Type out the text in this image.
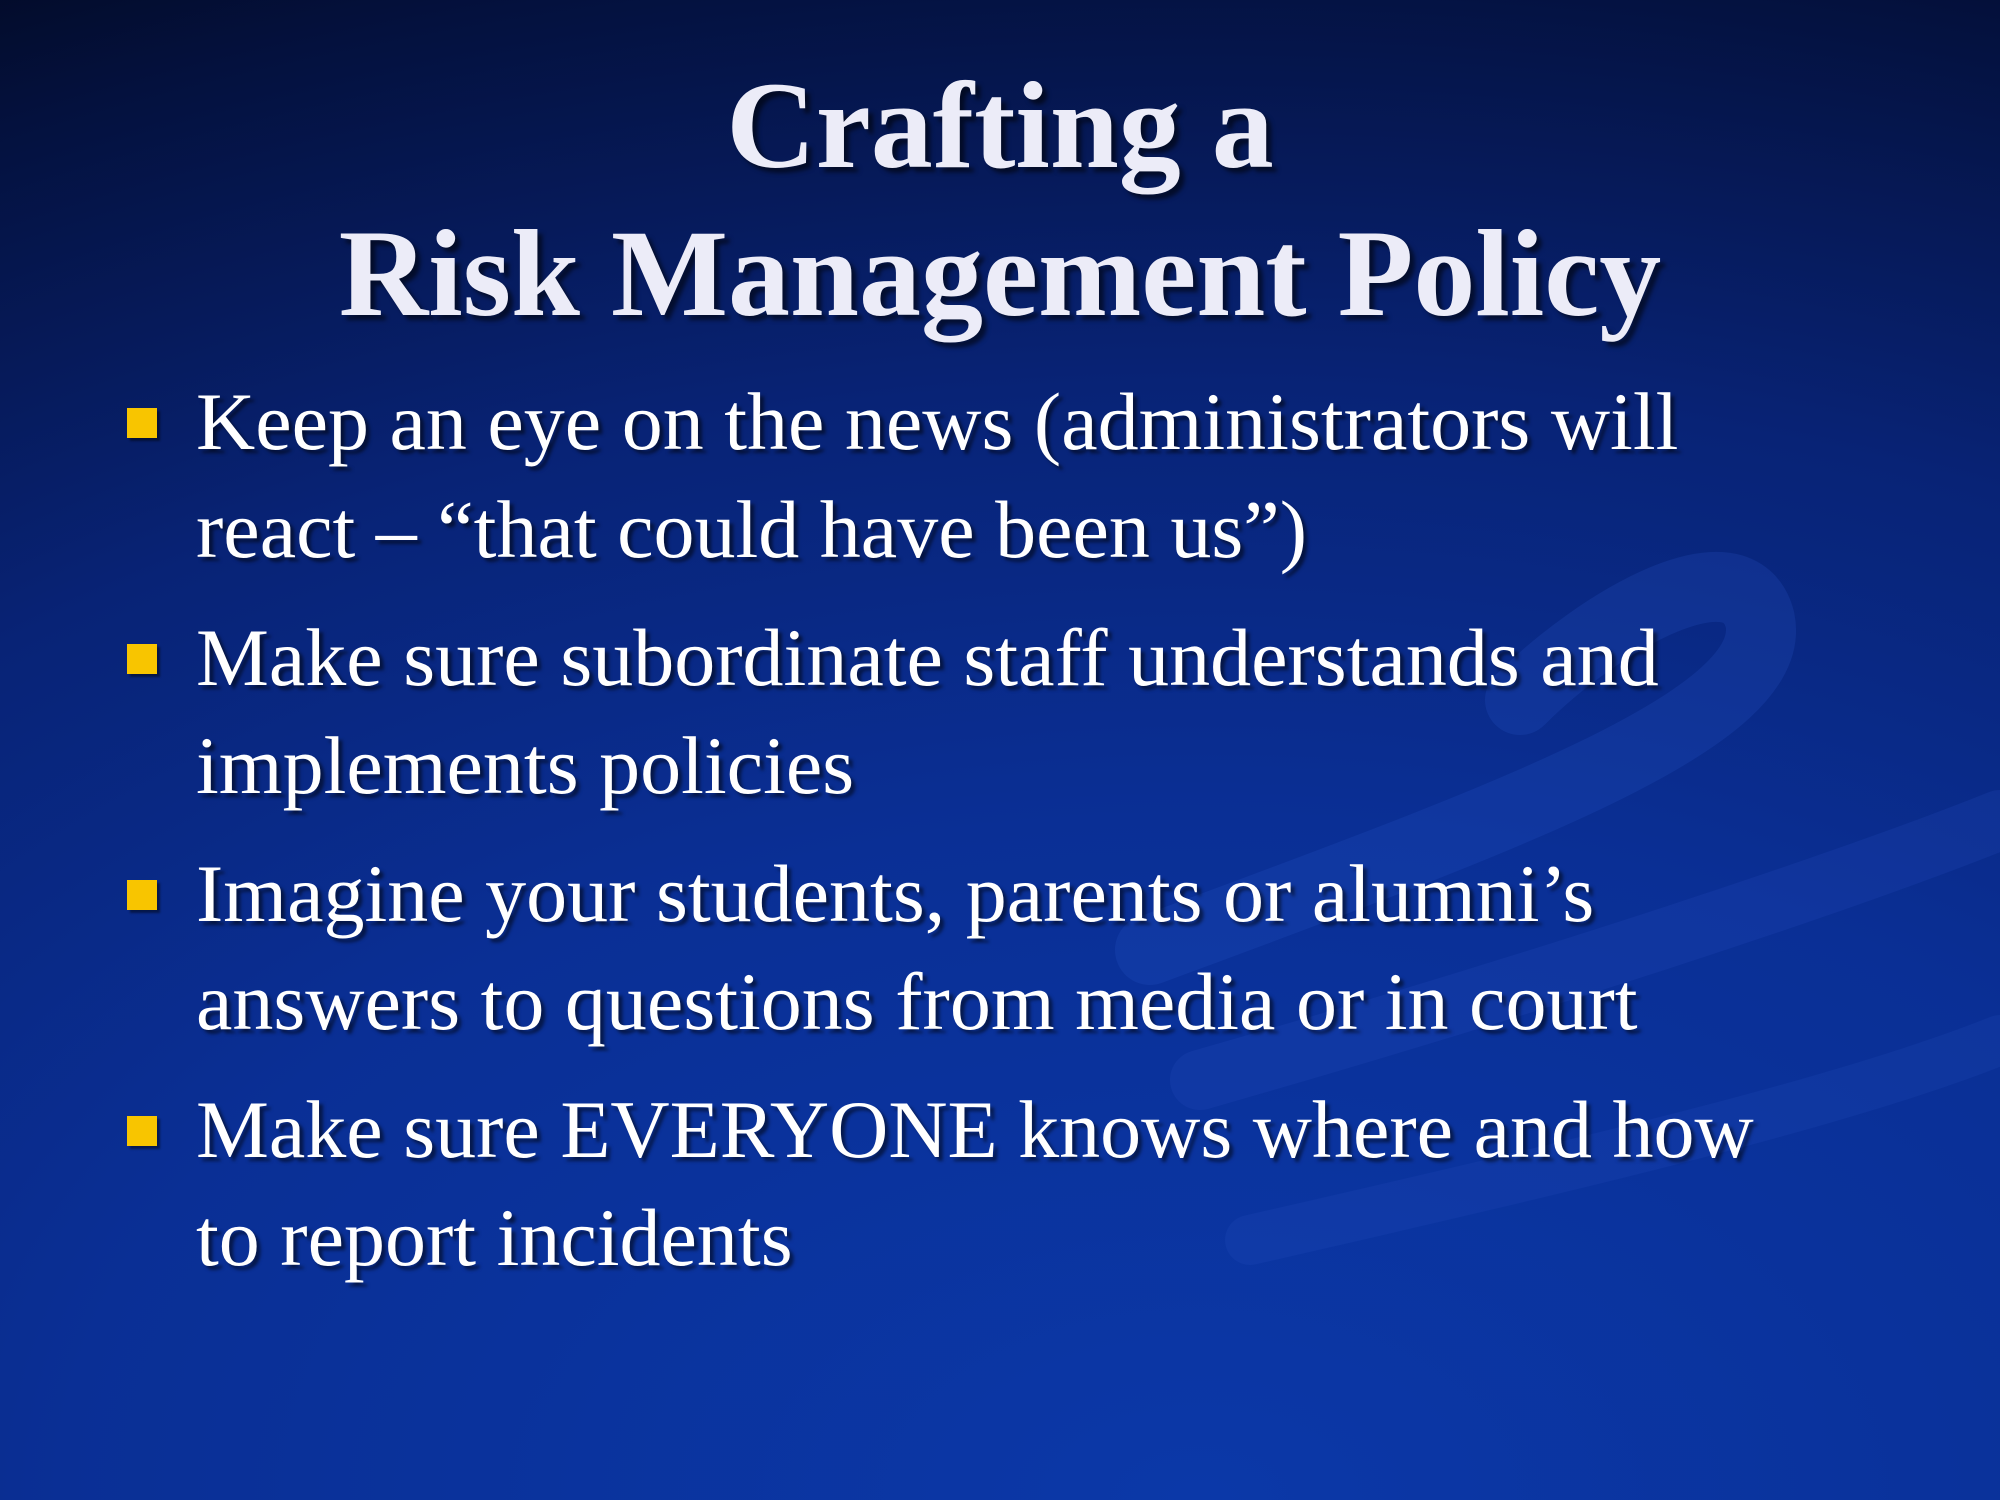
Crafting a
Risk Management Policy
Keep an eye on the news (administrators will
react – “that could have been us”)
Make sure subordinate staff understands and
implements policies
Imagine your students, parents or alumni’s
answers to questions from media or in court
Make sure EVERYONE knows where and how
to report incidents
